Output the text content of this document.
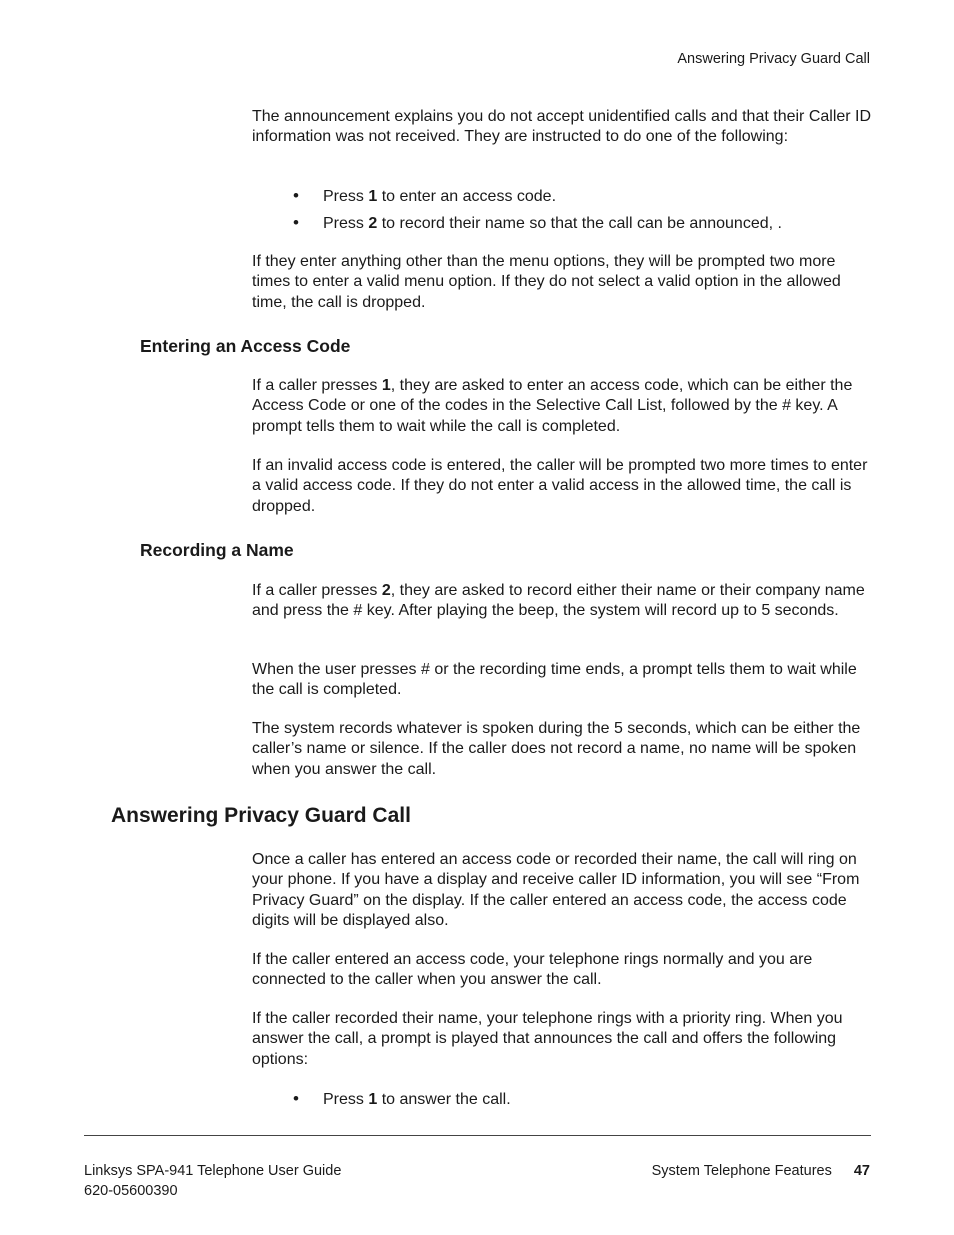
Answering Privacy Guard Call

The announcement explains you do not accept unidentified calls and that their Caller ID information was not received. They are instructed to do one of the following:

• Press 1 to enter an access code.
• Press 2 to record their name so that the call can be announced, .

If they enter anything other than the menu options, they will be prompted two more times to enter a valid menu option. If they do not select a valid option in the allowed time, the call is dropped.

Entering an Access Code

If a caller presses 1, they are asked to enter an access code, which can be either the Access Code or one of the codes in the Selective Call List, followed by the # key. A prompt tells them to wait while the call is completed.

If an invalid access code is entered, the caller will be prompted two more times to enter a valid access code. If they do not enter a valid access in the allowed time, the call is dropped.

Recording a Name

If a caller presses 2, they are asked to record either their name or their company name and press the # key. After playing the beep, the system will record up to 5 seconds.

When the user presses # or the recording time ends, a prompt tells them to wait while the call is completed.

The system records whatever is spoken during the 5 seconds, which can be either the caller’s name or silence. If the caller does not record a name, no name will be spoken when you answer the call.

Answering Privacy Guard Call

Once a caller has entered an access code or recorded their name, the call will ring on your phone. If you have a display and receive caller ID information, you will see “From Privacy Guard” on the display. If the caller entered an access code, the access code digits will be displayed also.

If the caller entered an access code, your telephone rings normally and you are connected to the caller when you answer the call.

If the caller recorded their name, your telephone rings with a priority ring. When you answer the call, a prompt is played that announces the call and offers the following options:

• Press 1 to answer the call.
Linksys SPA-941 Telephone User Guide
620-05600390
System Telephone Features 47
